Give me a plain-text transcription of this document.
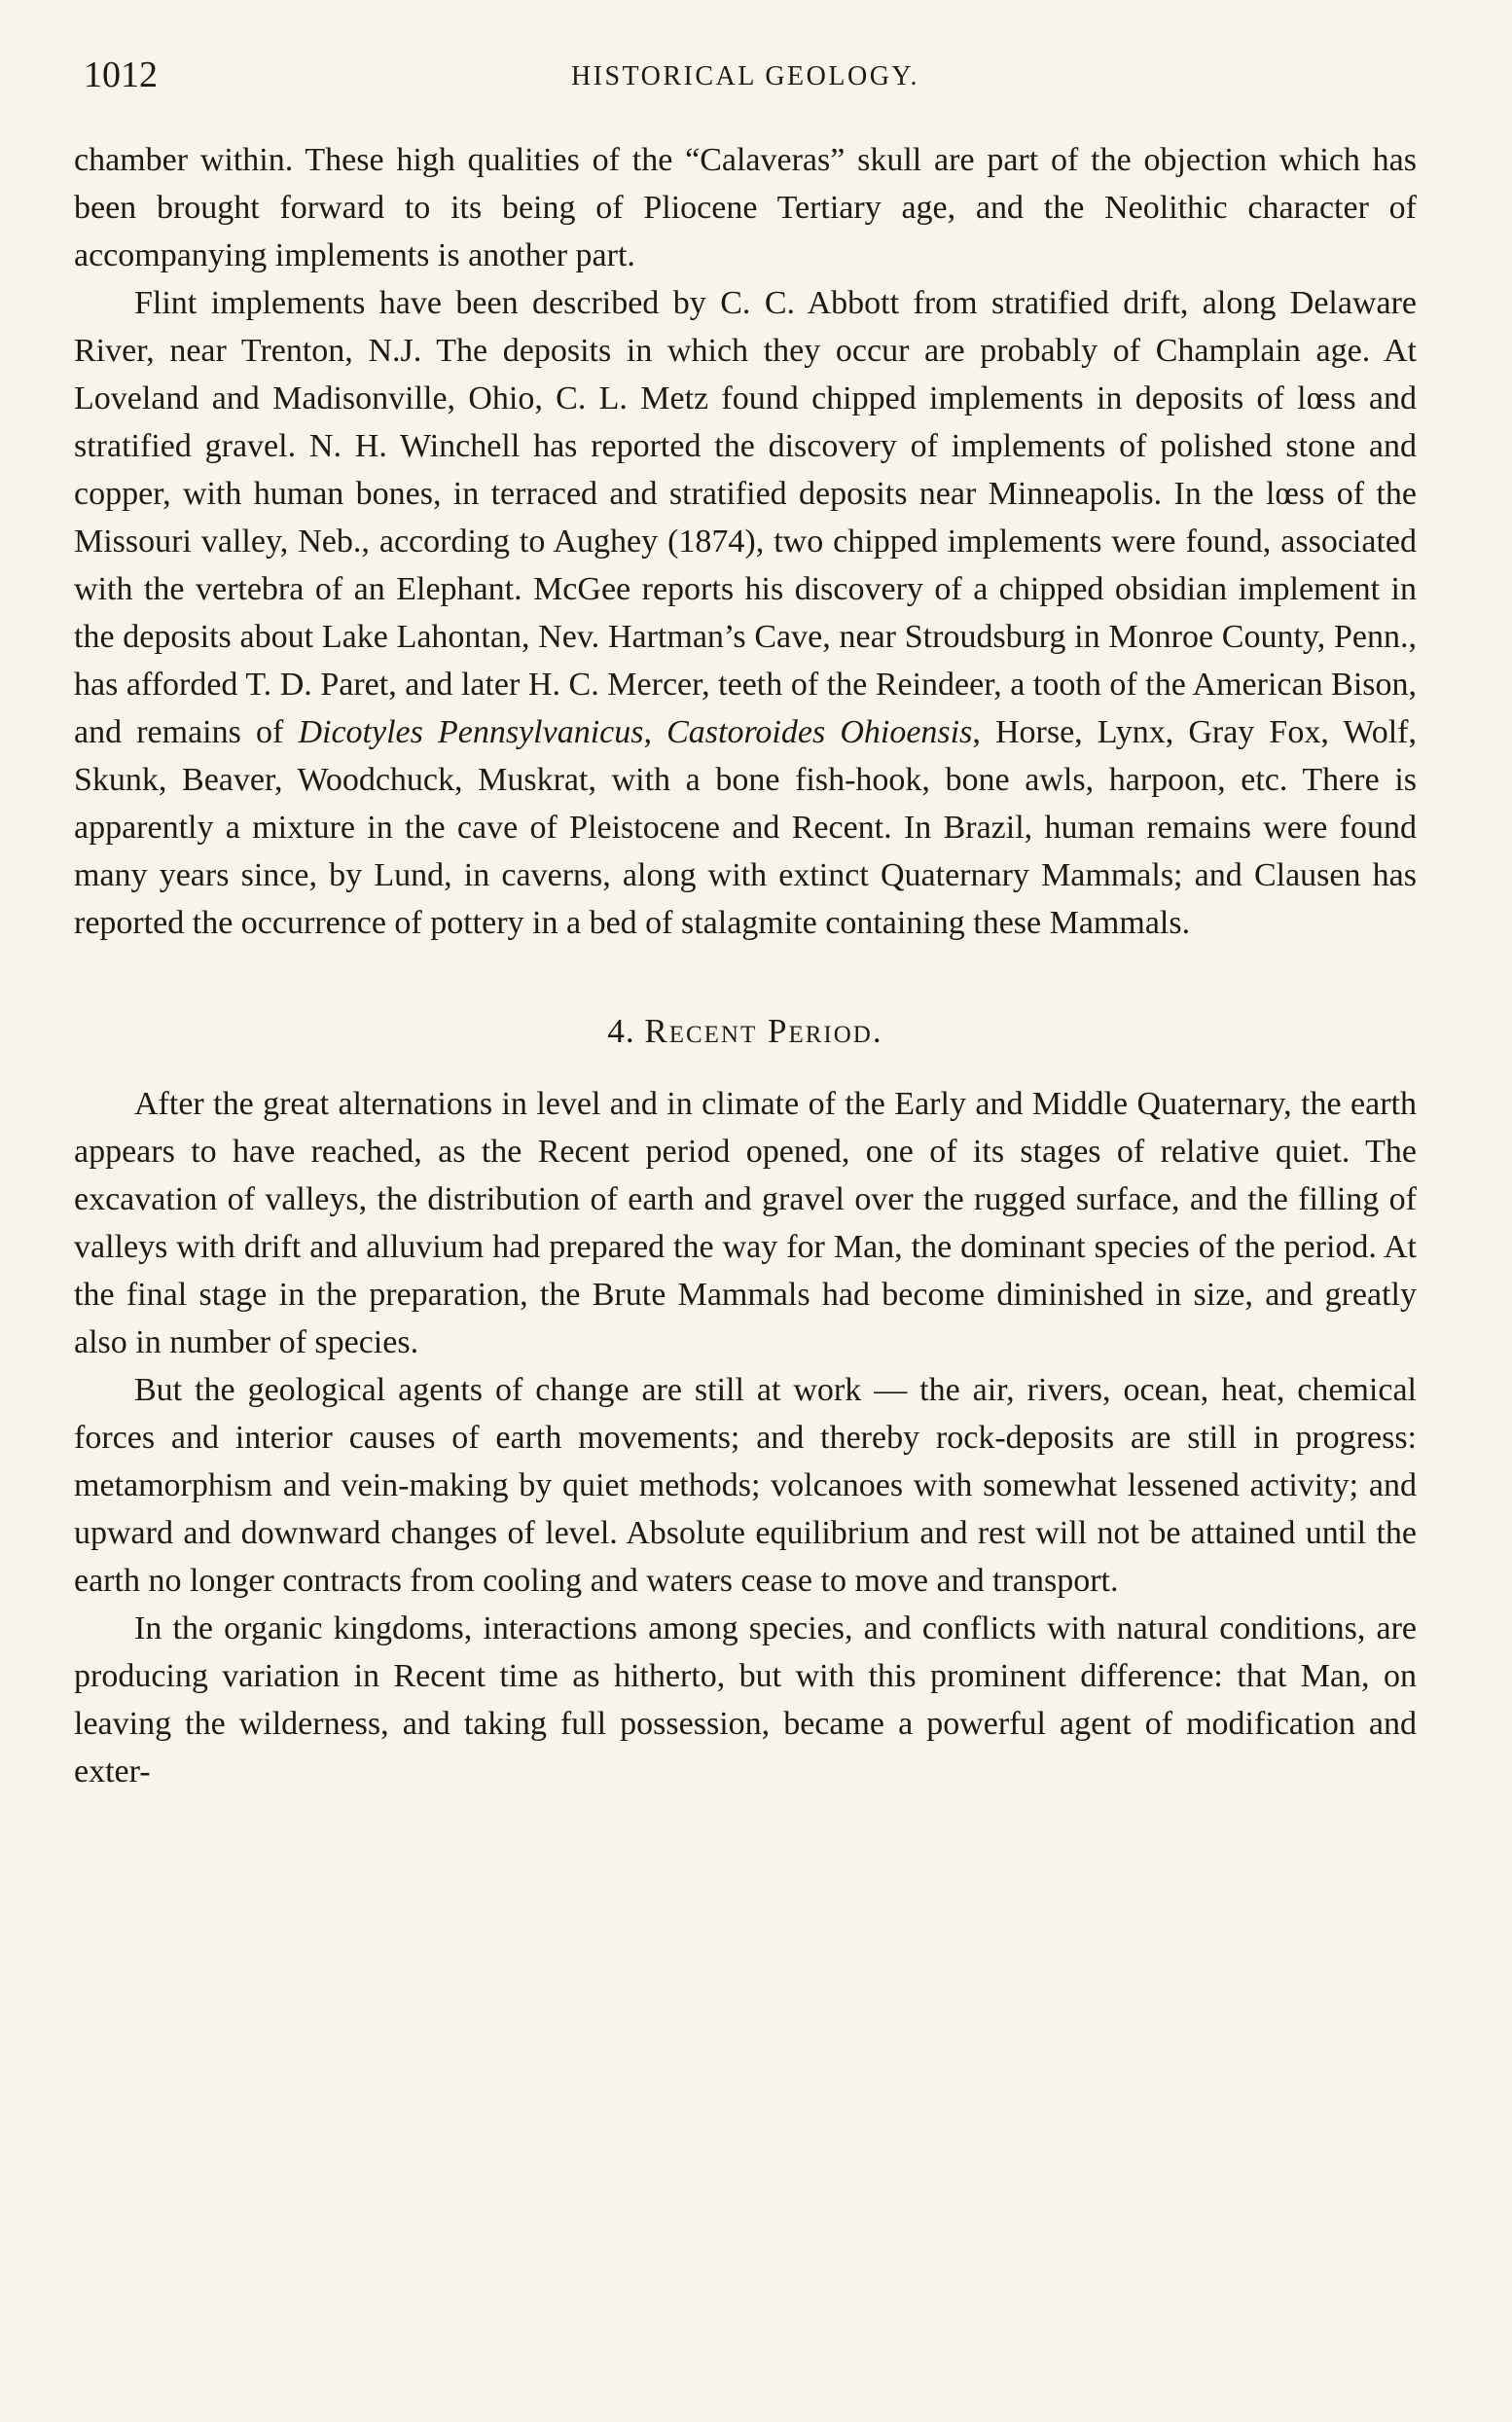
1012	HISTORICAL GEOLOGY.

chamber within. These high qualities of the “Calaveras” skull are part of the objection which has been brought forward to its being of Pliocene Tertiary age, and the Neolithic character of accompanying implements is another part.

Flint implements have been described by C. C. Abbott from stratified drift, along Delaware River, near Trenton, N.J. The deposits in which they occur are probably of Champlain age. At Loveland and Madisonville, Ohio, C. L. Metz found chipped implements in deposits of lœss and stratified gravel. N. H. Winchell has reported the discovery of implements of polished stone and copper, with human bones, in terraced and stratified deposits near Minneapolis. In the lœss of the Missouri valley, Neb., according to Aughey (1874), two chipped implements were found, associated with the vertebra of an Elephant. McGee reports his discovery of a chipped obsidian implement in the deposits about Lake Lahontan, Nev. Hartman’s Cave, near Stroudsburg in Monroe County, Penn., has afforded T. D. Paret, and later H. C. Mercer, teeth of the Reindeer, a tooth of the American Bison, and remains of Dicotyles Pennsylvanicus, Castoroides Ohioensis, Horse, Lynx, Gray Fox, Wolf, Skunk, Beaver, Woodchuck, Muskrat, with a bone fish-hook, bone awls, harpoon, etc. There is apparently a mixture in the cave of Pleistocene and Recent. In Brazil, human remains were found many years since, by Lund, in caverns, along with extinct Quaternary Mammals; and Clausen has reported the occurrence of pottery in a bed of stalagmite containing these Mammals.

4. Recent Period.

After the great alternations in level and in climate of the Early and Middle Quaternary, the earth appears to have reached, as the Recent period opened, one of its stages of relative quiet. The excavation of valleys, the distribution of earth and gravel over the rugged surface, and the filling of valleys with drift and alluvium had prepared the way for Man, the dominant species of the period. At the final stage in the preparation, the Brute Mammals had become diminished in size, and greatly also in number of species.

But the geological agents of change are still at work — the air, rivers, ocean, heat, chemical forces and interior causes of earth movements; and thereby rock-deposits are still in progress: metamorphism and vein-making by quiet methods; volcanoes with somewhat lessened activity; and upward and downward changes of level. Absolute equilibrium and rest will not be attained until the earth no longer contracts from cooling and waters cease to move and transport.

In the organic kingdoms, interactions among species, and conflicts with natural conditions, are producing variation in Recent time as hitherto, but with this prominent difference: that Man, on leaving the wilderness, and taking full possession, became a powerful agent of modification and exter-
